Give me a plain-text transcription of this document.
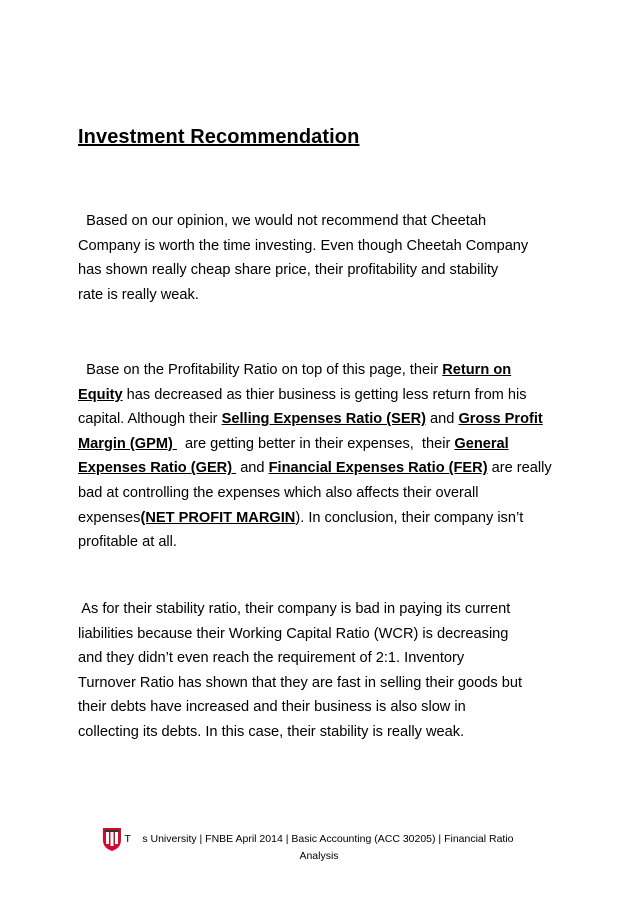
Investment Recommendation
Based on our opinion, we would not recommend that Cheetah
Company is worth the time investing. Even though Cheetah Company
has shown really cheap share price, their profitability and stability
rate is really weak.
Base on the Profitability Ratio on top of this page, their Return on
Equity has decreased as thier business is getting less return from his
capital. Although their Selling Expenses Ratio (SER) and Gross Profit
Margin (GPM)   are getting better in their expenses,  their General
Expenses Ratio (GER)  and Financial Expenses Ratio (FER) are really
bad at controlling the expenses which also affects their overall
expenses(NET PROFIT MARGIN). In conclusion, their company isn’t
profitable at all.
As for their stability ratio, their company is bad in paying its current
liabilities because their Working Capital Ratio (WCR) is decreasing
and they didn’t even reach the requirement of 2:1. Inventory
Turnover Ratio has shown that they are fast in selling their goods but
their debts have increased and their business is also slow in
collecting its debts. In this case, their stability is really weak.
T    s University | FNBE April 2014 | Basic Accounting (ACC 30205) | Financial Ratio
Analysis
